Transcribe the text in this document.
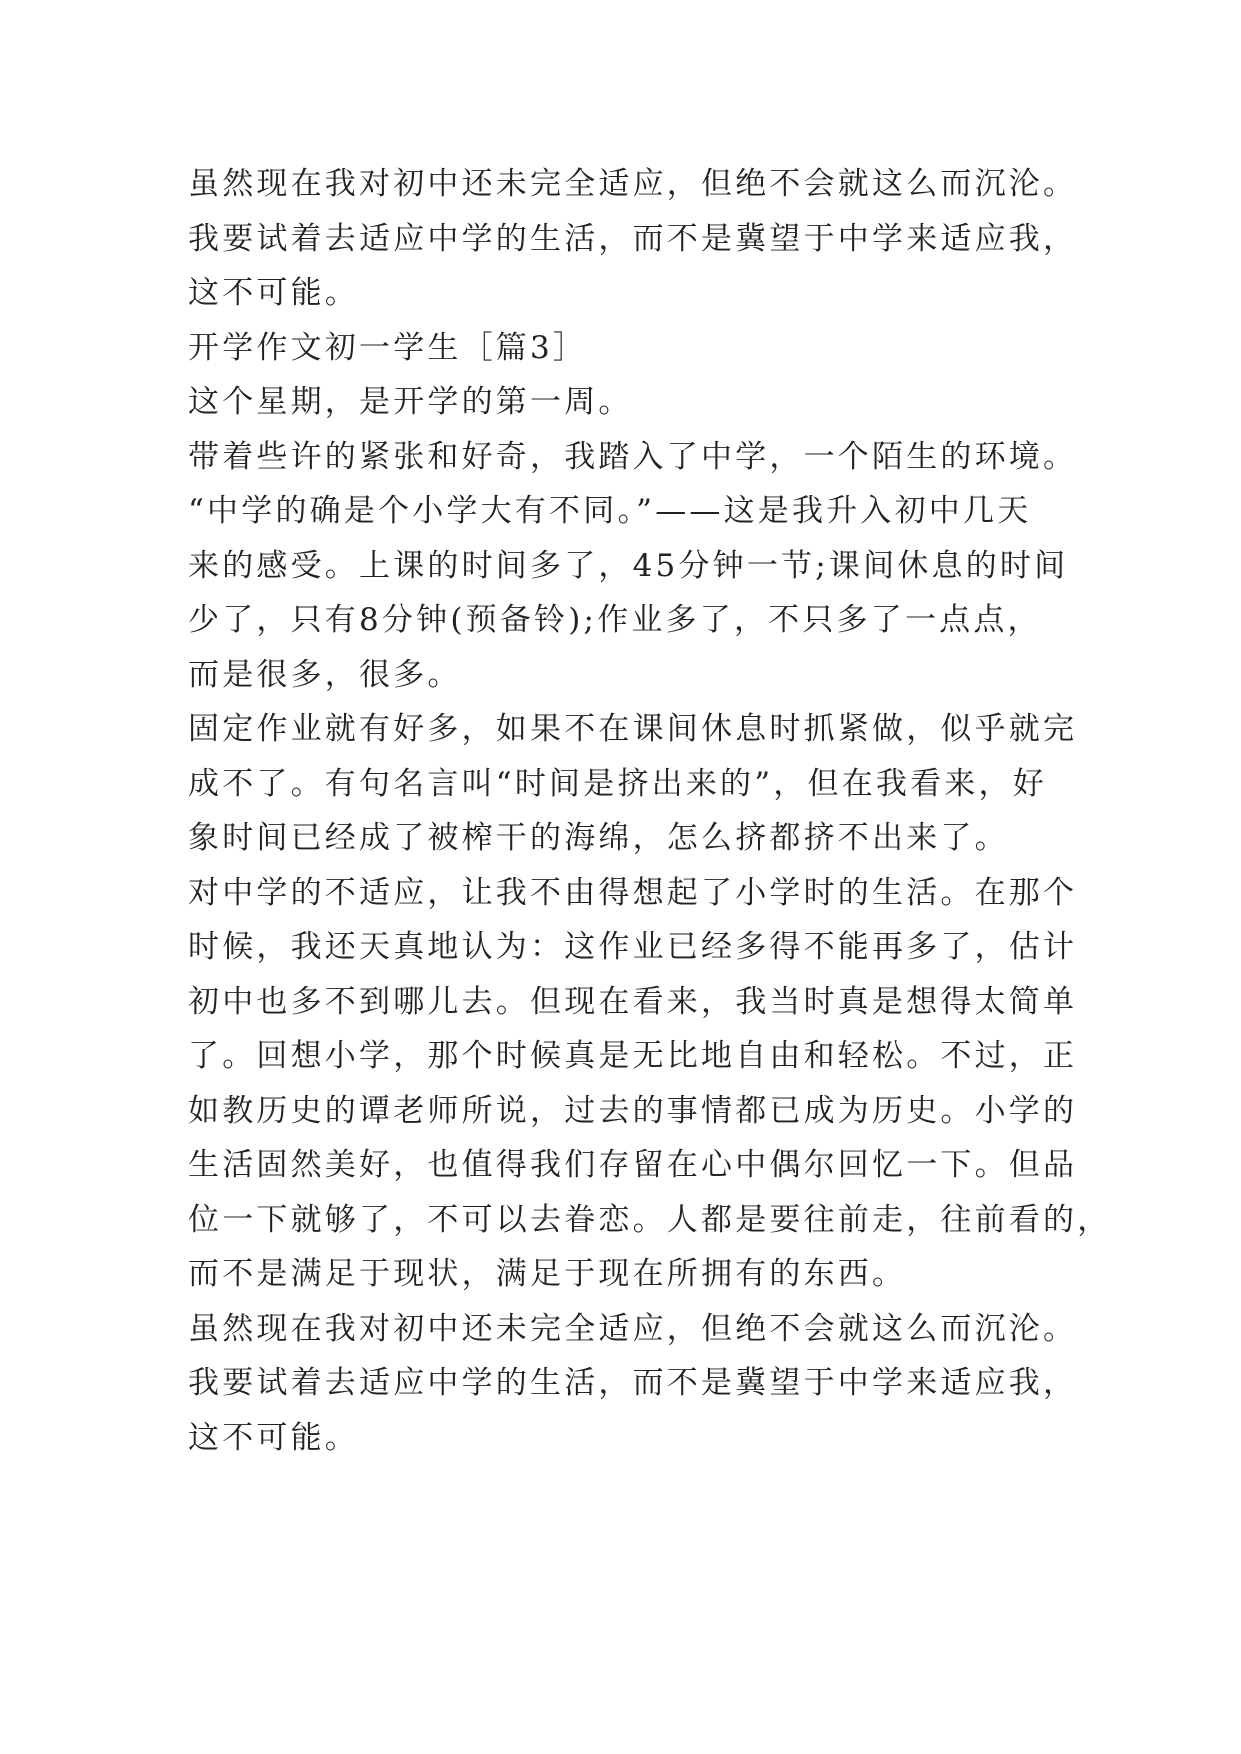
虽然现在我对初中还未完全适应，但绝不会就这么而沉沦。
我要试着去适应中学的生活，而不是冀望于中学来适应我，
这不可能。
开学作文初一学生［篇3］
这个星期，是开学的第一周。
带着些许的紧张和好奇，我踏入了中学，一个陌生的环境。
“中学的确是个小学大有不同。”——这是我升入初中几天
来的感受。上课的时间多了，45分钟一节;课间休息的时间
少了，只有8分钟(预备铃);作业多了，不只多了一点点，
而是很多，很多。
固定作业就有好多，如果不在课间休息时抓紧做，似乎就完
成不了。有句名言叫“时间是挤出来的”，但在我看来，好
象时间已经成了被榨干的海绵，怎么挤都挤不出来了。
对中学的不适应，让我不由得想起了小学时的生活。在那个
时候，我还天真地认为：这作业已经多得不能再多了，估计
初中也多不到哪儿去。但现在看来，我当时真是想得太简单
了。回想小学，那个时候真是无比地自由和轻松。不过，正
如教历史的谭老师所说，过去的事情都已成为历史。小学的
生活固然美好，也值得我们存留在心中偶尔回忆一下。但品
位一下就够了，不可以去眷恋。人都是要往前走，往前看的，
而不是满足于现状，满足于现在所拥有的东西。
虽然现在我对初中还未完全适应，但绝不会就这么而沉沦。
我要试着去适应中学的生活，而不是冀望于中学来适应我，
这不可能。
